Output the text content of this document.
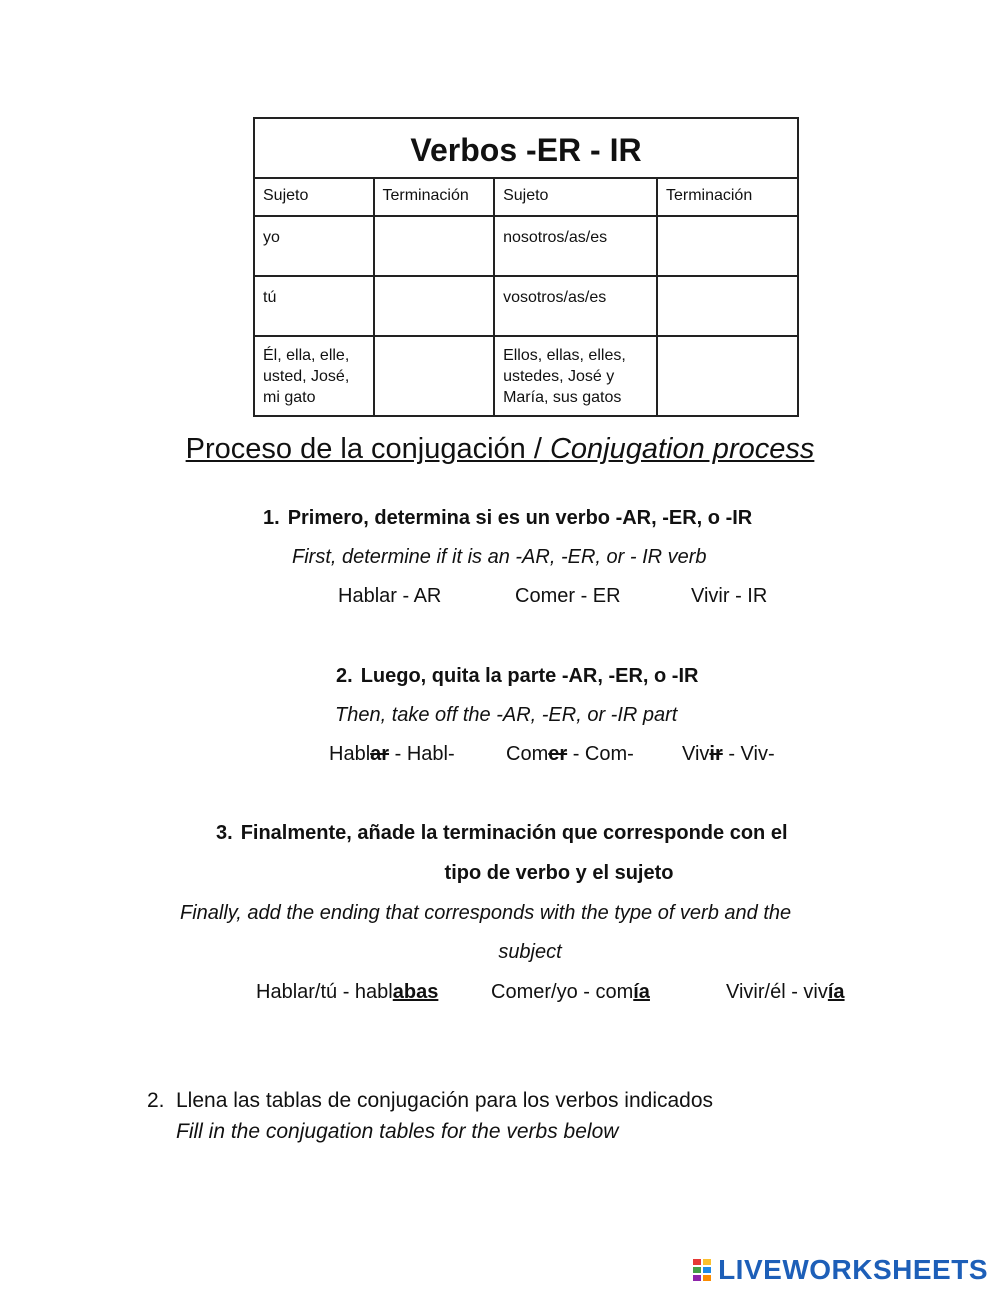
Verbos -ER - IR			
Sujeto	Terminación	Sujeto	Terminación
yo		nosotros/as/es	
tú		vosotros/as/es	
Él, ella, elle, usted, José, mi gato		Ellos, ellas, elles, ustedes, José y María, sus gatos	
Proceso de la conjugación / Conjugation process
1. Primero, determina si es un verbo -AR, -ER, o -IR
First, determine if it is an -AR, -ER, or - IR verb
Hablar - AR	Comer - ER	Vivir - IR
2. Luego, quita la parte -AR, -ER, o -IR
Then, take off the -AR, -ER, or -IR part
Hablar - Habl-	Comer - Com- Vivir - Viv-
3. Finalmente, añade la terminación que corresponde con el
tipo de verbo y el sujeto
Finally, add the ending that corresponds with the type of verb and the
subject
Hablar/tú - hablabas	Comer/yo - comía	Vivir/él - vivía
2. Llena las tablas de conjugación para los verbos indicados
Fill in the conjugation tables for the verbs below
LIVEWORKSHEETS
